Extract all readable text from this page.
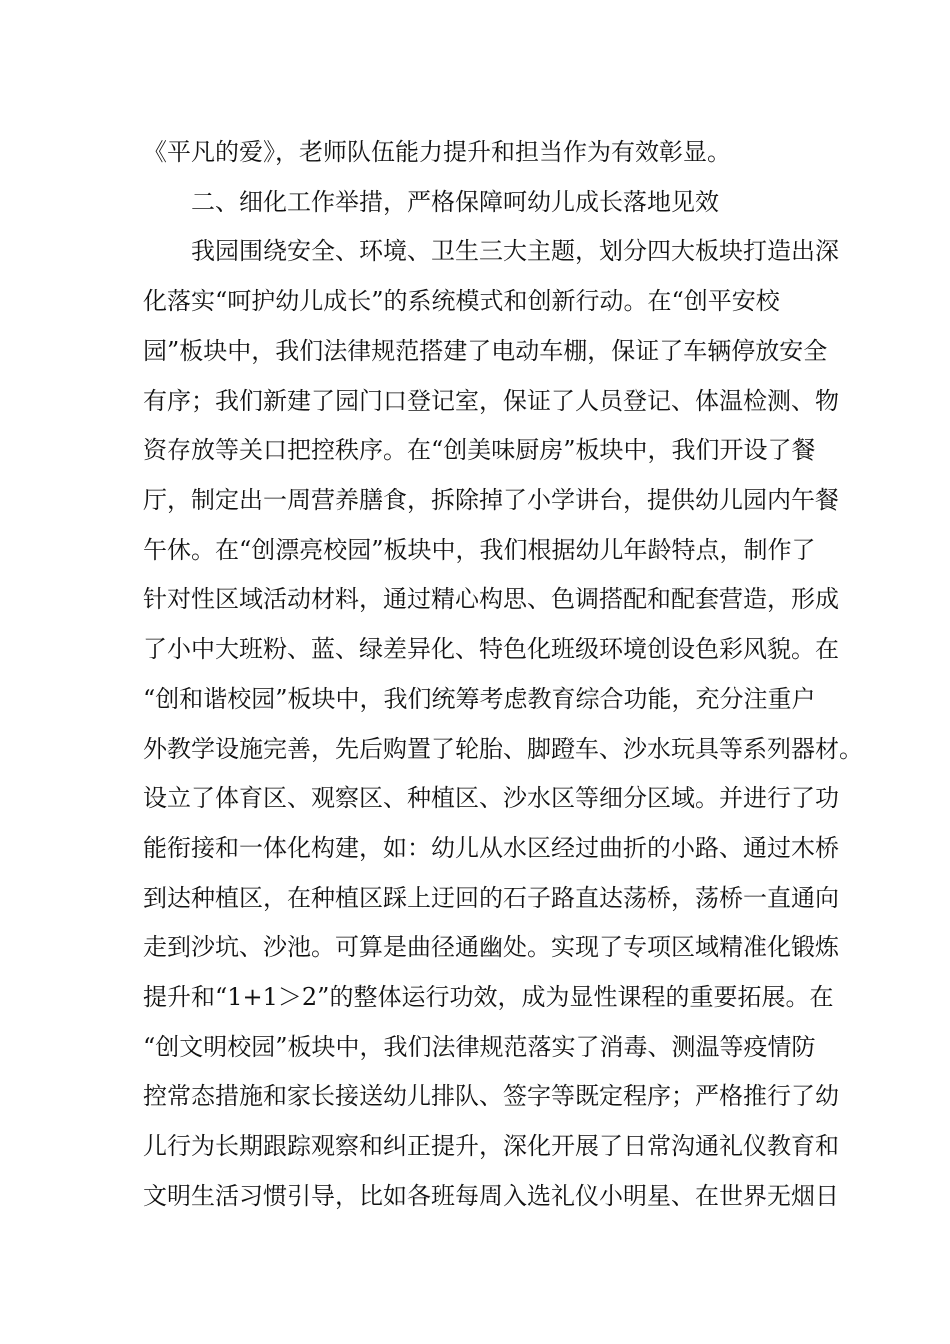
《平凡的爱》，老师队伍能力提升和担当作为有效彰显。

二、细化工作举措，严格保障呵幼儿成长落地见效

我园围绕安全、环境、卫生三大主题，划分四大板块打造出深

化落实“呵护幼儿成长”的系统模式和创新行动。在“创平安校

园”板块中，我们法律规范搭建了电动车棚，保证了车辆停放安全

有序；我们新建了园门口登记室，保证了人员登记、体温检测、物

资存放等关口把控秩序。在“创美味厨房”板块中，我们开设了餐

厅，制定出一周营养膳食，拆除掉了小学讲台，提供幼儿园内午餐

午休。在“创漂亮校园”板块中，我们根据幼儿年龄特点，制作了

针对性区域活动材料，通过精心构思、色调搭配和配套营造，形成

了小中大班粉、蓝、绿差异化、特色化班级环境创设色彩风貌。在

“创和谐校园”板块中，我们统筹考虑教育综合功能，充分注重户

外教学设施完善，先后购置了轮胎、脚蹬车、沙水玩具等系列器材。

设立了体育区、观察区、种植区、沙水区等细分区域。并进行了功

能衔接和一体化构建，如：幼儿从水区经过曲折的小路、通过木桥

到达种植区，在种植区踩上迂回的石子路直达荡桥，荡桥一直通向

走到沙坑、沙池。可算是曲径通幽处。实现了专项区域精准化锻炼

提升和“1+1＞2”的整体运行功效，成为显性课程的重要拓展。在

“创文明校园”板块中，我们法律规范落实了消毒、测温等疫情防

控常态措施和家长接送幼儿排队、签字等既定程序；严格推行了幼

儿行为长期跟踪观察和纠正提升，深化开展了日常沟通礼仪教育和

文明生活习惯引导，比如各班每周入选礼仪小明星、在世界无烟日
